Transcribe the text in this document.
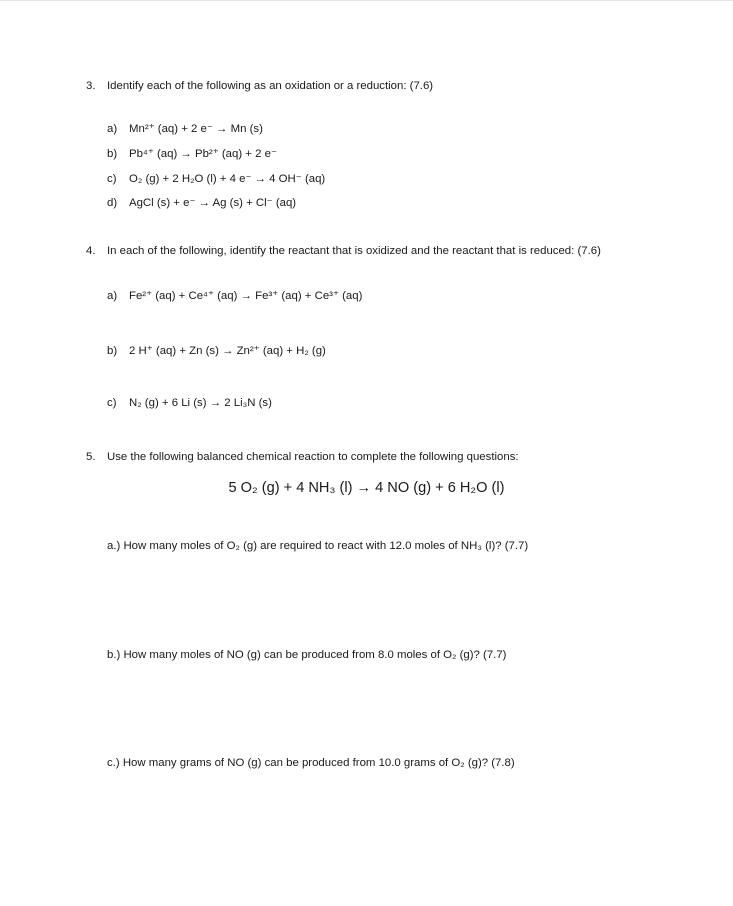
3. Identify each of the following as an oxidation or a reduction: (7.6)
a) Mn²⁺ (aq) + 2 e⁻ → Mn (s)
b) Pb⁴⁺ (aq) → Pb²⁺ (aq) + 2 e⁻
c) O₂ (g) + 2 H₂O (l) + 4 e⁻ → 4 OH⁻ (aq)
d) AgCl (s) + e⁻ → Ag (s) + Cl⁻ (aq)
4. In each of the following, identify the reactant that is oxidized and the reactant that is reduced: (7.6)
a) Fe²⁺ (aq) + Ce⁴⁺ (aq) → Fe³⁺ (aq) + Ce³⁺ (aq)
b) 2 H⁺ (aq) + Zn (s) → Zn²⁺ (aq) + H₂ (g)
c) N₂ (g) + 6 Li (s) → 2 Li₃N (s)
5. Use the following balanced chemical reaction to complete the following questions:
5 O₂ (g) + 4 NH₃ (l) → 4 NO (g) + 6 H₂O (l)
a.) How many moles of O₂ (g) are required to react with 12.0 moles of NH₃ (l)? (7.7)
b.) How many moles of NO (g) can be produced from 8.0 moles of O₂ (g)? (7.7)
c.) How many grams of NO (g) can be produced from 10.0 grams of O₂ (g)? (7.8)
